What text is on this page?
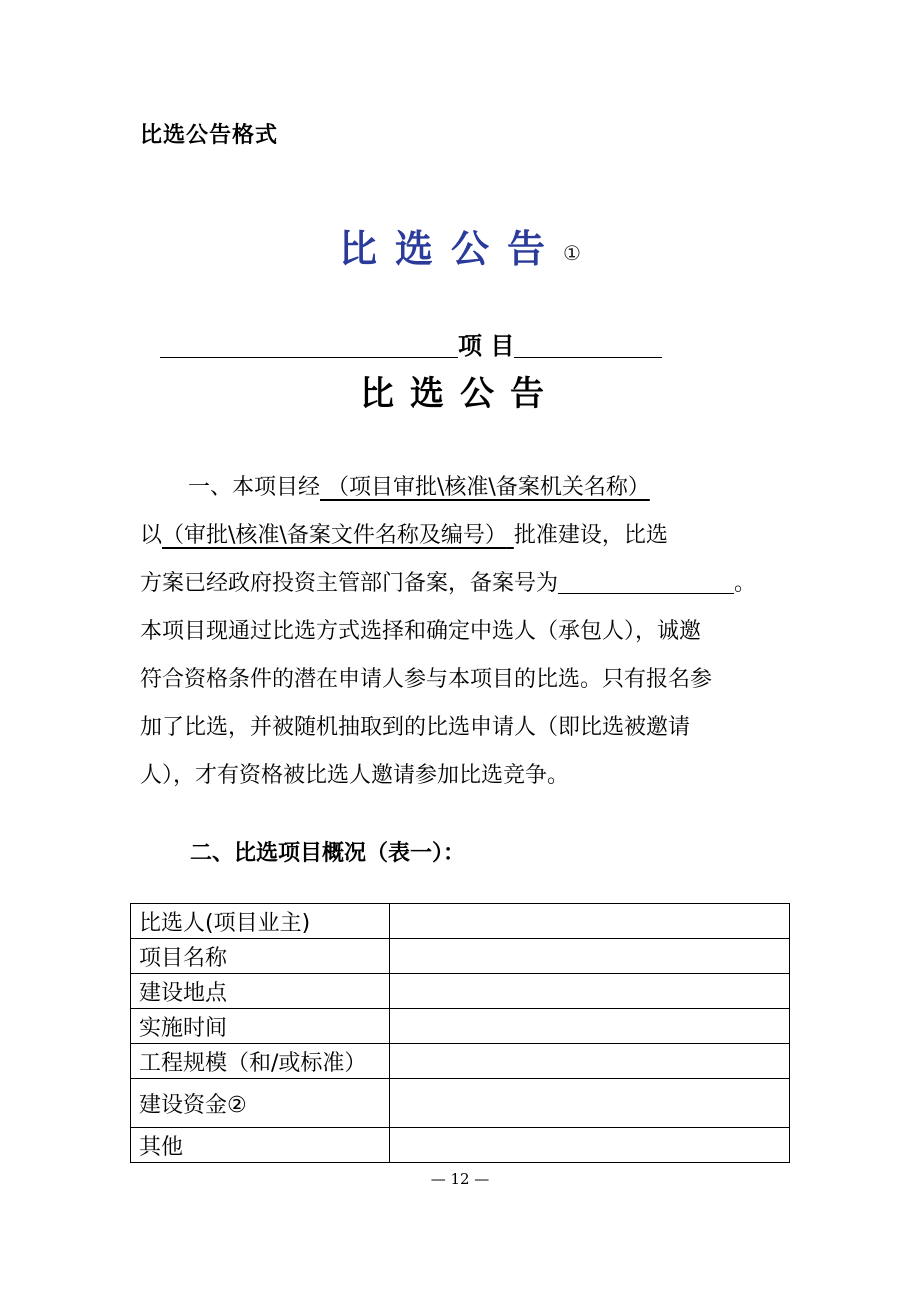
比选公告格式
比选公告①
项 目
比选公告

一、本项目经 （项目审批\核准\备案机关名称）

以（审批\核准\备案文件名称及编号） 批准建设，比选

方案已经政府投资主管部门备案，备案号为	。

本项目现通过比选方式选择和确定中选人（承包人），诚邀

符合资格条件的潜在申请人参与本项目的比选。只有报名参

加了比选，并被随机抽取到的比选申请人（即比选被邀请

人），才有资格被比选人邀请参加比选竞争。

二、比选项目概况（表一）：
比选人(项目业主)	
项目名称	
建设地点	
实施时间	
工程规模（和/或标准）	
建设资金②	
其他	
— 12 —
